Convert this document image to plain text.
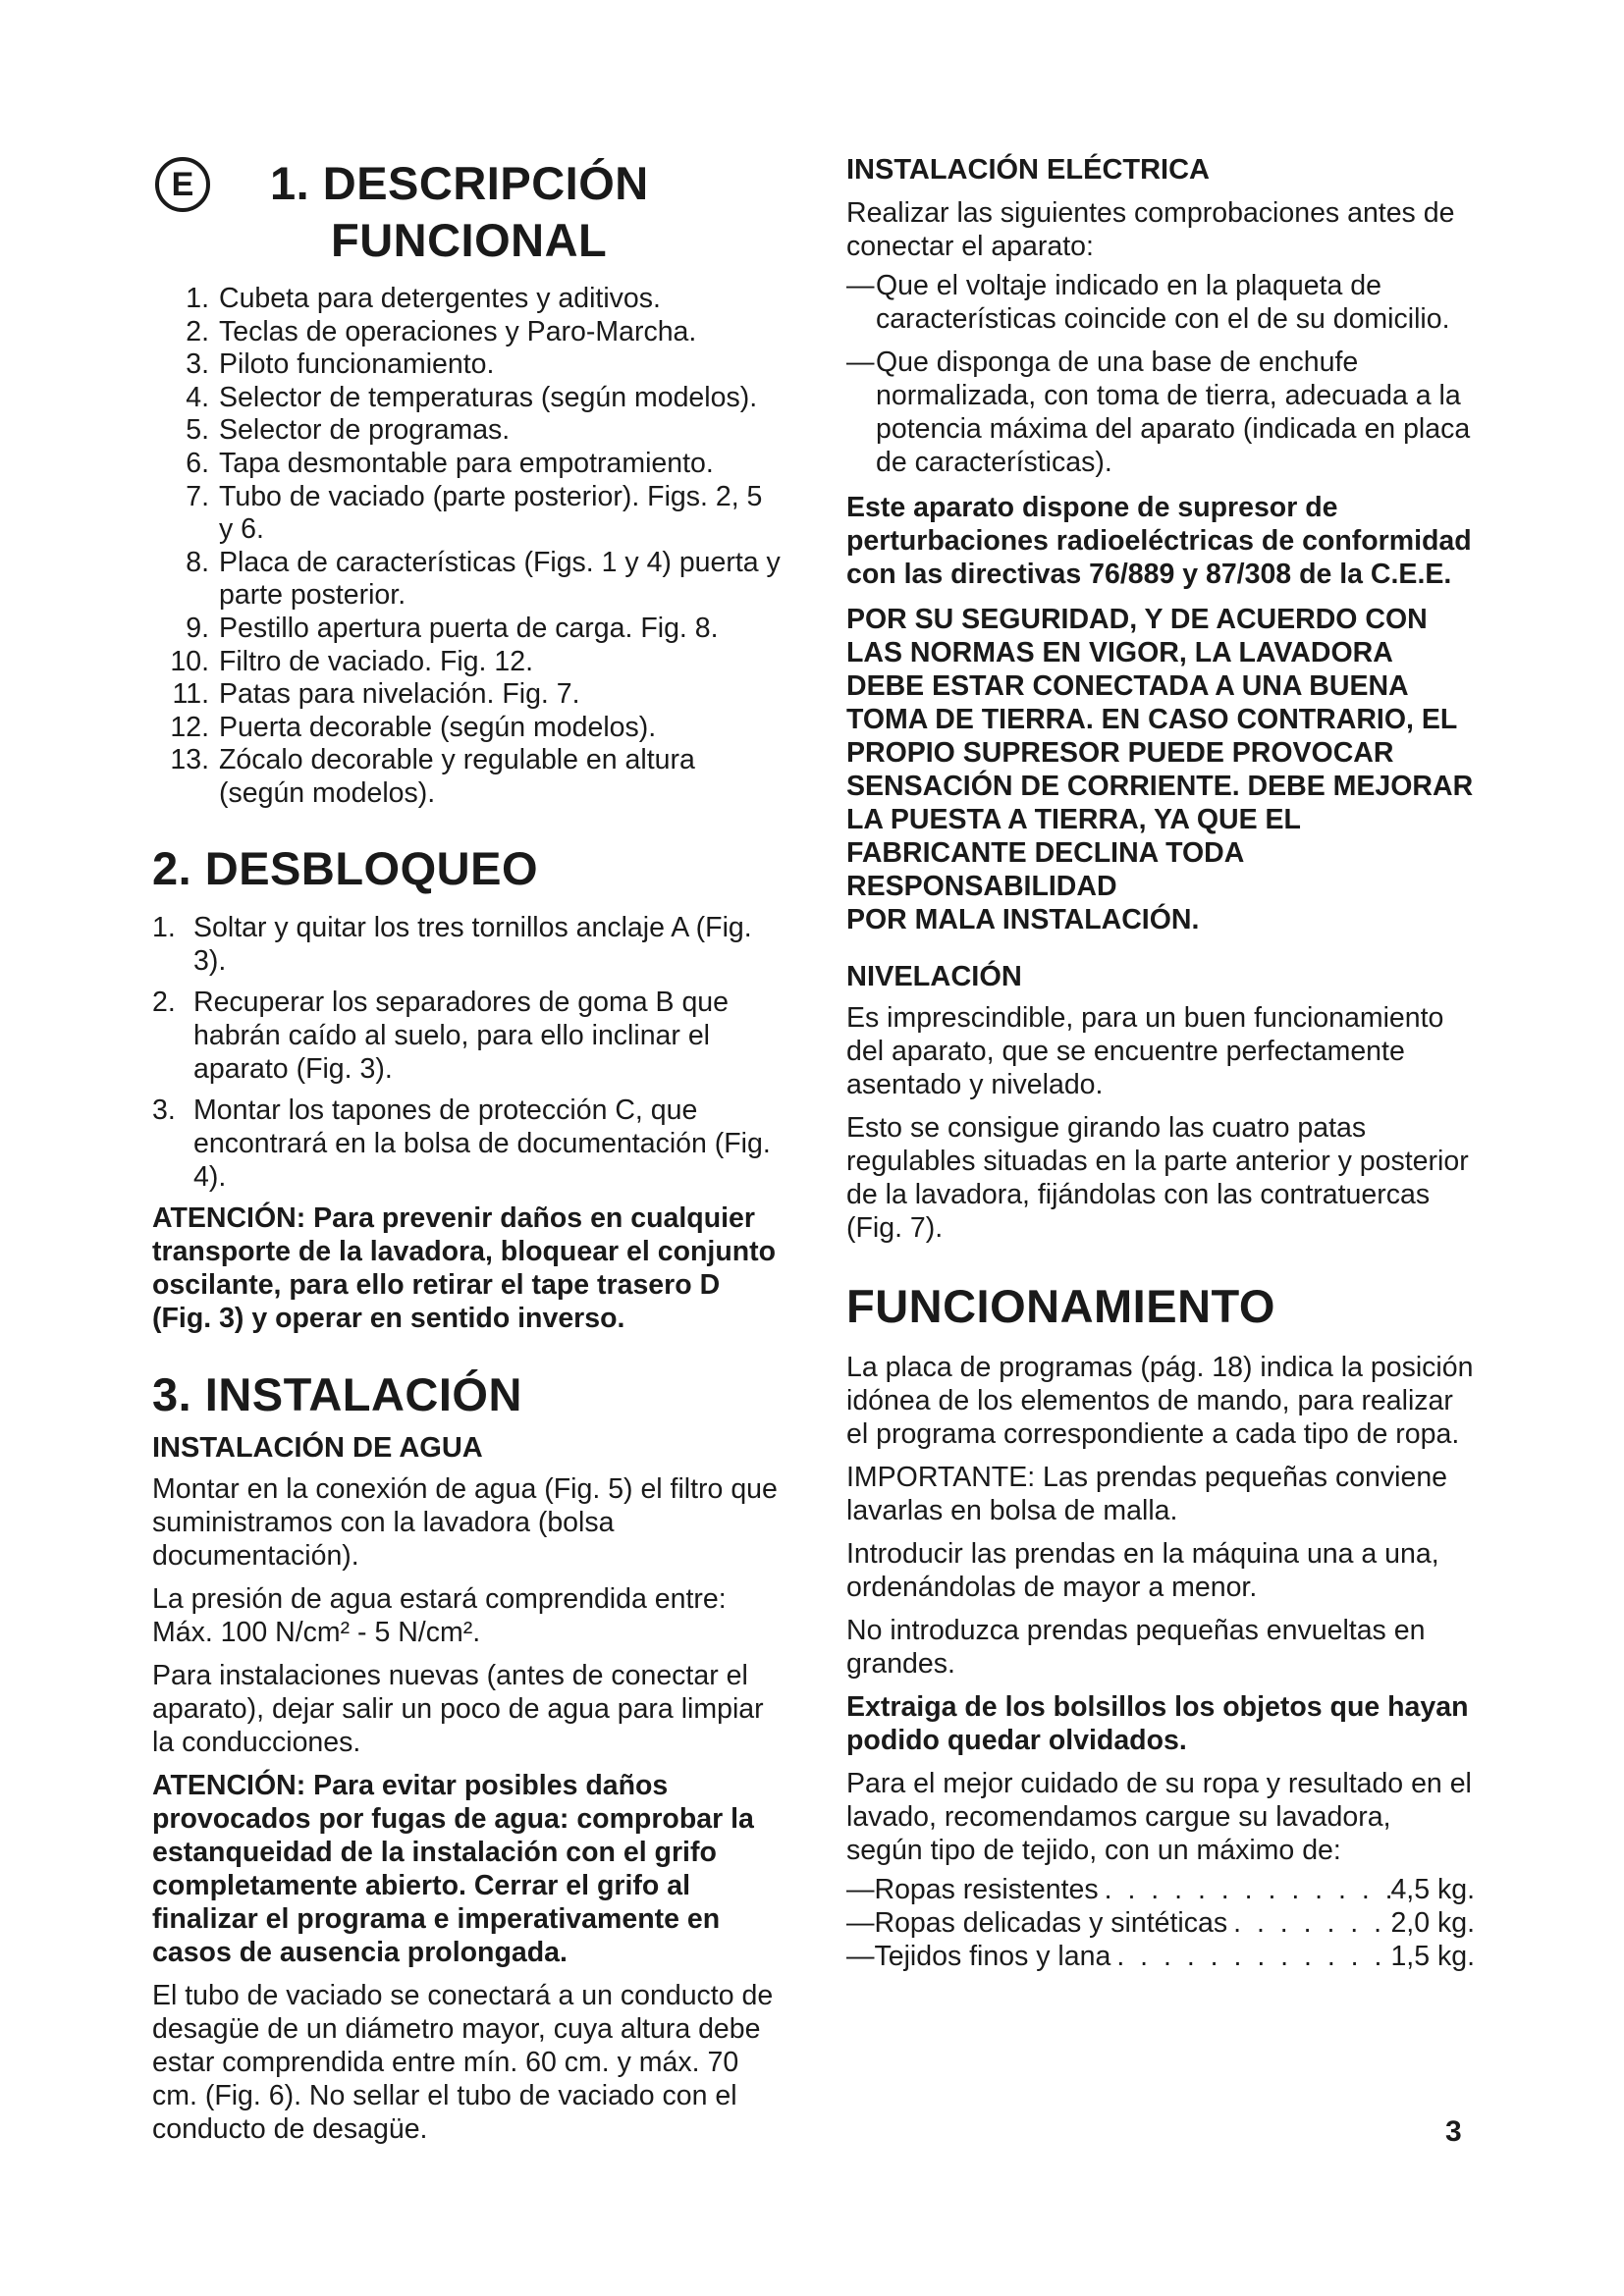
E	1. DESCRIPCIÓN
FUNCIONAL
1. Cubeta para detergentes y aditivos.
2. Teclas de operaciones y Paro-Marcha.
3. Piloto funcionamiento.
4. Selector de temperaturas (según modelos).
5. Selector de programas.
6. Tapa desmontable para empotramiento.
7. Tubo de vaciado (parte posterior). Figs. 2, 5 y 6.
8. Placa de características (Figs. 1 y 4) puerta y parte posterior.
9. Pestillo apertura puerta de carga. Fig. 8.
10. Filtro de vaciado. Fig. 12.
11. Patas para nivelación. Fig. 7.
12. Puerta decorable (según modelos).
13. Zócalo decorable y regulable en altura (según modelos).
2. DESBLOQUEO
1. Soltar y quitar los tres tornillos anclaje A (Fig. 3).
2. Recuperar los separadores de goma B que habrán caído al suelo, para ello inclinar el aparato (Fig. 3).
3. Montar los tapones de protección C, que encontrará en la bolsa de documentación (Fig. 4).

ATENCIÓN: Para prevenir daños en cualquier transporte de la lavadora, bloquear el conjunto oscilante, para ello retirar el tape trasero D (Fig. 3) y operar en sentido inverso.

3. INSTALACIÓN
INSTALACIÓN DE AGUA

Montar en la conexión de agua (Fig. 5) el filtro que suministramos con la lavadora (bolsa documentación).

La presión de agua estará comprendida entre: Máx. 100 N/cm² - 5 N/cm².

Para instalaciones nuevas (antes de conectar el aparato), dejar salir un poco de agua para limpiar la conducciones.

ATENCIÓN: Para evitar posibles daños provocados por fugas de agua: comprobar la estanqueidad de la instalación con el grifo completamente abierto. Cerrar el grifo al finalizar el programa e imperativamente en casos de ausencia prolongada.

El tubo de vaciado se conectará a un conducto de desagüe de un diámetro mayor, cuya altura debe estar comprendida entre mín. 60 cm. y máx. 70 cm. (Fig. 6). No sellar el tubo de vaciado con el conducto de desagüe.

INSTALACIÓN ELÉCTRICA

Realizar las siguientes comprobaciones antes de conectar el aparato:

— Que el voltaje indicado en la plaqueta de características coincide con el de su domicilio.
— Que disponga de una base de enchufe normalizada, con toma de tierra, adecuada a la potencia máxima del aparato (indicada en placa de características).

Este aparato dispone de supresor de perturbaciones radioeléctricas de conformidad con las directivas 76/889 y 87/308 de la C.E.E.

POR SU SEGURIDAD, Y DE ACUERDO CON LAS NORMAS EN VIGOR, LA LAVADORA DEBE ESTAR CONECTADA A UNA BUENA TOMA DE TIERRA. EN CASO CONTRARIO, EL PROPIO SUPRESOR PUEDE PROVOCAR SENSACIÓN DE CORRIENTE. DEBE MEJORAR LA PUESTA A TIERRA, YA QUE EL FABRICANTE DECLINA TODA RESPONSABILIDAD

POR MALA INSTALACIÓN.

NIVELACIÓN

Es imprescindible, para un buen funcionamiento del aparato, que se encuentre perfectamente asentado y nivelado.

Esto se consigue girando las cuatro patas regulables situadas en la parte anterior y posterior de la lavadora, fijándolas con las contratuercas (Fig. 7).

FUNCIONAMIENTO

La placa de programas (pág. 18) indica la posición idónea de los elementos de mando, para realizar el programa correspondiente a cada tipo de ropa.

IMPORTANTE: Las prendas pequeñas conviene lavarlas en bolsa de malla.

Introducir las prendas en la máquina una a una, ordenándolas de mayor a menor.

No introduzca prendas pequeñas envueltas en grandes.

Extraiga de los bolsillos los objetos que hayan podido quedar olvidados.

Para el mejor cuidado de su ropa y resultado en el lavado, recomendamos cargue su lavadora, según tipo de tejido, con un máximo de:

—Ropas resistentes . . .	4,5 kg.
—Ropas delicadas y sintéticas . . .	2,0 kg.
—Tejidos finos y lana . . .	1,5 kg.
3
